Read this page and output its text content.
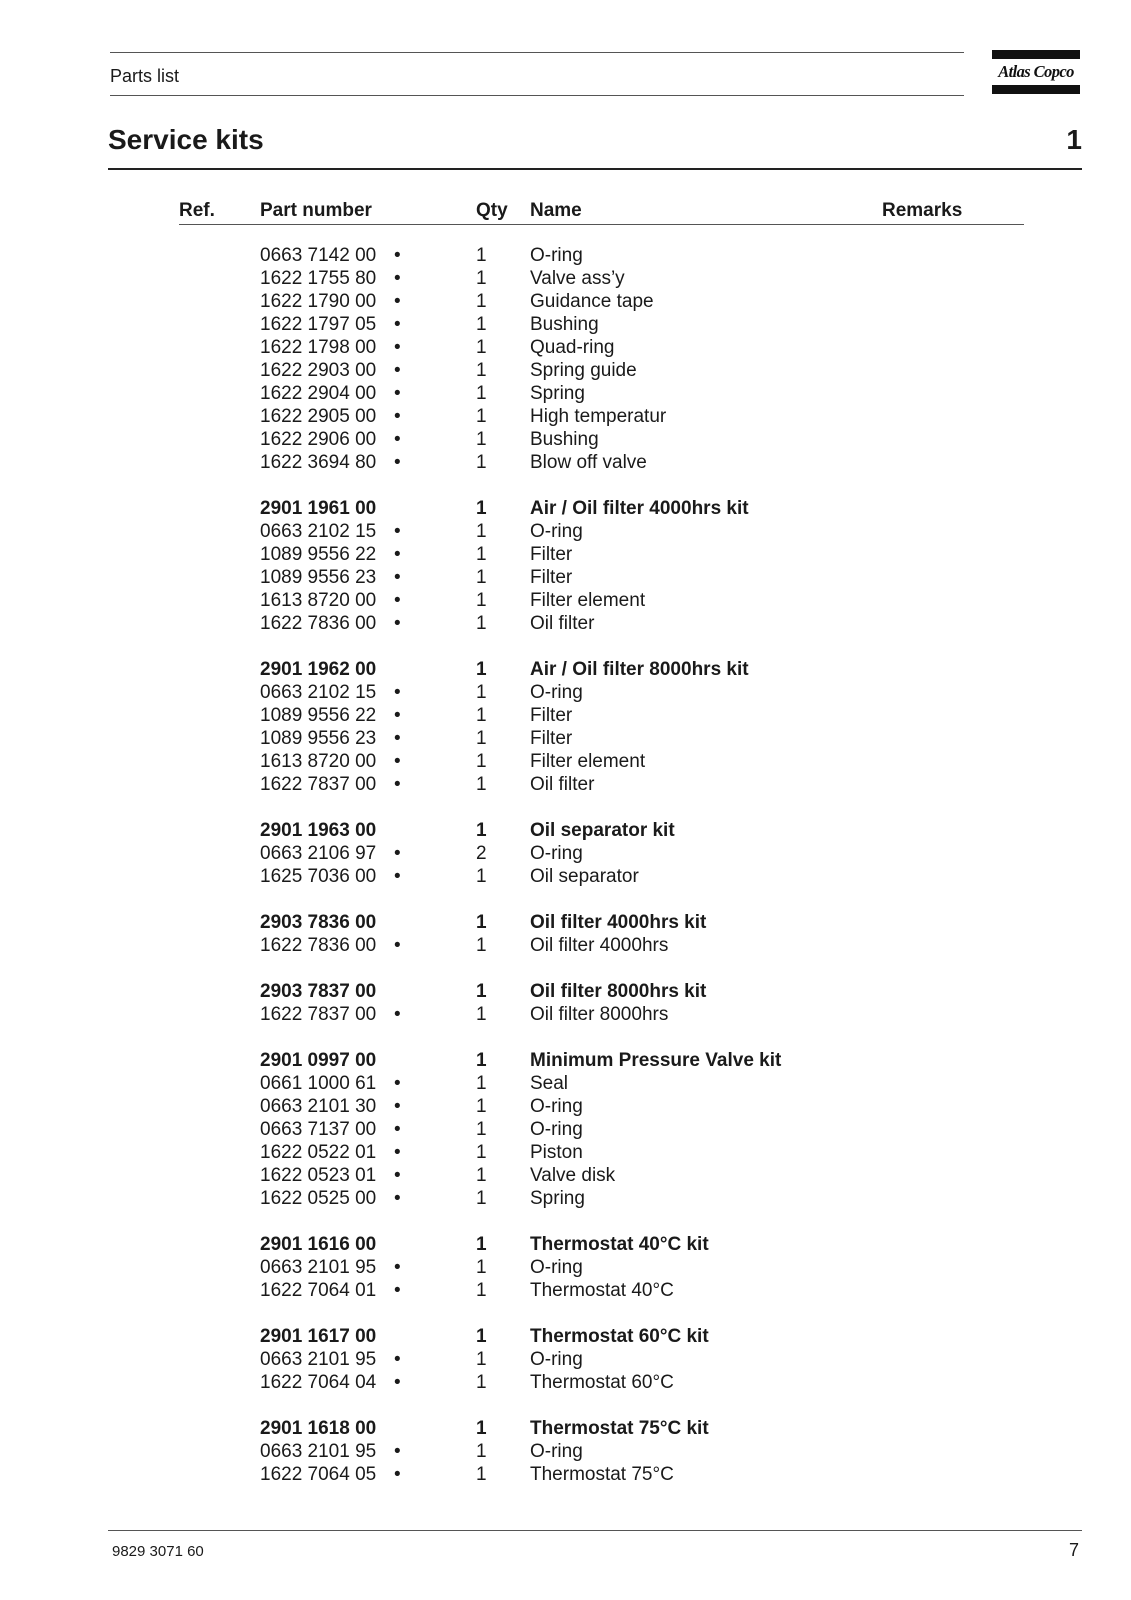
Parts list	Atlas Copco
Service kits	1
Ref. Part number	Qty Name	Remarks
0663 7142 00 •	1 O-ring
1622 1755 80 •	1 Valve ass’y
1622 1790 00 •	1 Guidance tape
1622 1797 05 •	1 Bushing
1622 1798 00 •	1 Quad-ring
1622 2903 00 •	1 Spring guide
1622 2904 00 •	1 Spring
1622 2905 00 •	1 High temperatur
1622 2906 00 •	1 Bushing
1622 3694 80 •	1 Blow off valve
2901 1961 00	1 Air / Oil filter 4000hrs kit
0663 2102 15 •	1 O-ring
1089 9556 22 •	1 Filter
1089 9556 23 •	1 Filter
1613 8720 00 •	1 Filter element
1622 7836 00 •	1 Oil filter
2901 1962 00	1 Air / Oil filter 8000hrs kit
0663 2102 15 •	1 O-ring
1089 9556 22 •	1 Filter
1089 9556 23 •	1 Filter
1613 8720 00 •	1 Filter element
1622 7837 00 •	1 Oil filter
2901 1963 00	1 Oil separator kit
0663 2106 97 •	2 O-ring
1625 7036 00 •	1 Oil separator
2903 7836 00	1 Oil filter 4000hrs kit
1622 7836 00 •	1 Oil filter 4000hrs
2903 7837 00	1 Oil filter 8000hrs kit
1622 7837 00 •	1 Oil filter 8000hrs
2901 0997 00	1 Minimum Pressure Valve kit
0661 1000 61 •	1 Seal
0663 2101 30 •	1 O-ring
0663 7137 00 •	1 O-ring
1622 0522 01 •	1 Piston
1622 0523 01 •	1 Valve disk
1622 0525 00 •	1 Spring
2901 1616 00	1 Thermostat 40°C kit
0663 2101 95 •	1 O-ring
1622 7064 01 •	1 Thermostat 40°C
2901 1617 00	1 Thermostat 60°C kit
0663 2101 95 •	1 O-ring
1622 7064 04 •	1 Thermostat 60°C
2901 1618 00	1 Thermostat 75°C kit
0663 2101 95 •	1 O-ring
1622 7064 05 •	1 Thermostat 75°C
9829 3071 60	7
